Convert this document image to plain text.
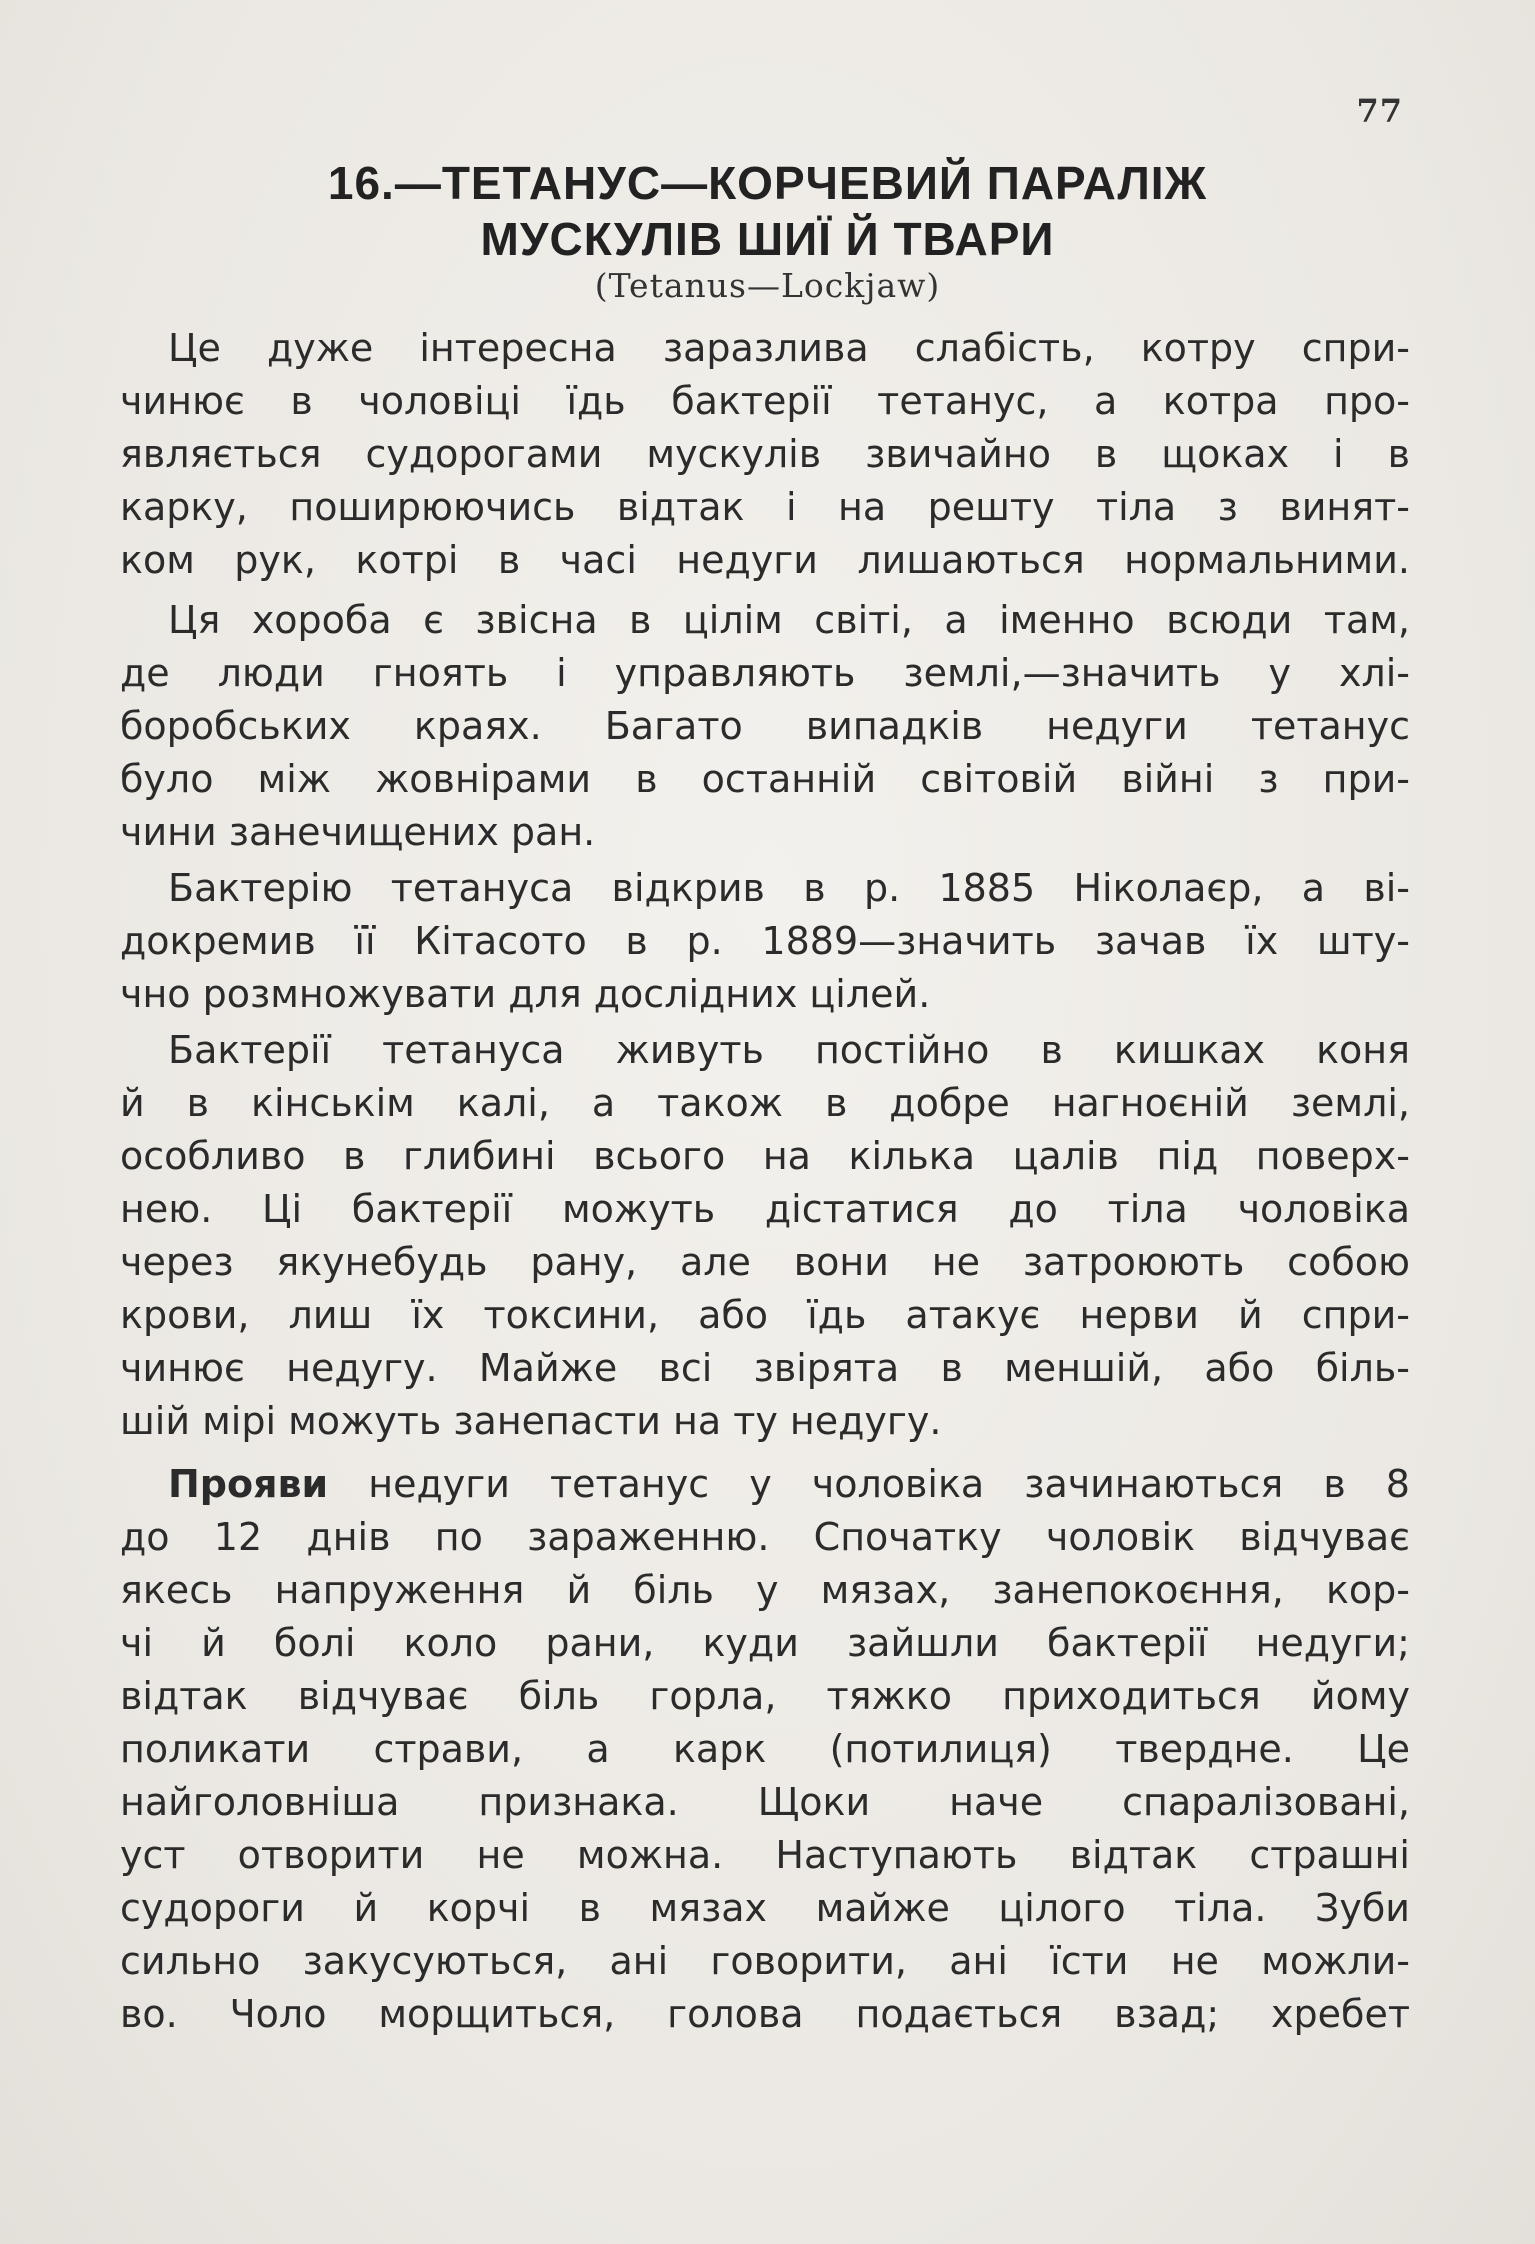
77
16.—ТЕТАНУС—КОРЧЕВИЙ ПАРАЛІЖ
МУСКУЛІВ ШИЇ Й ТВАРИ
(Tetanus—Lockjaw)
Це дуже інтересна заразлива слабість, котру спри-
чинює в чоловіці їдь бактерії тетанус, а котра про-
являється судорогами мускулів звичайно в щоках і в
карку, поширюючись відтак і на решту тіла з винят-
ком рук, котрі в часі недуги лишаються нормальними.
Ця хороба є звісна в цілім світі, а іменно всюди там,
де люди гноять і управляють землі,—значить у хлі-
боробських краях. Багато випадків недуги тетанус
було між жовнірами в останній світовій війні з при-
чини занечищених ран.
Бактерію тетануса відкрив в р. 1885 Ніколаєр, а ві-
докремив її Кітасото в р. 1889—значить зачав їх шту-
чно розмножувати для дослідних цілей.
Бактерії тетануса живуть постійно в кишках коня
й в кінськім калі, а також в добре нагноєній землі,
особливо в глибині всього на кілька цалів під поверх-
нею. Ці бактерії можуть дістатися до тіла чоловіка
через якунебудь рану, але вони не затроюють собою
крови, лиш їх токсини, або їдь атакує нерви й спри-
чинює недугу. Майже всі звірята в меншій, або біль-
шій мірі можуть занепасти на ту недугу.
Прояви недуги тетанус у чоловіка зачинаються в 8
до 12 днів по зараженню. Спочатку чоловік відчуває
якесь напруження й біль у мязах, занепокоєння, кор-
чі й болі коло рани, куди зайшли бактерії недуги;
відтак відчуває біль горла, тяжко приходиться йому
поликати страви, а карк (потилиця) твердне. Це
найголовніша признака. Щоки наче спаралізовані,
уст отворити не можна. Наступають відтак страшні
судороги й корчі в мязах майже цілого тіла. Зуби
сильно закусуються, ані говорити, ані їсти не можли-
во. Чоло морщиться, голова подається взад; хребет
